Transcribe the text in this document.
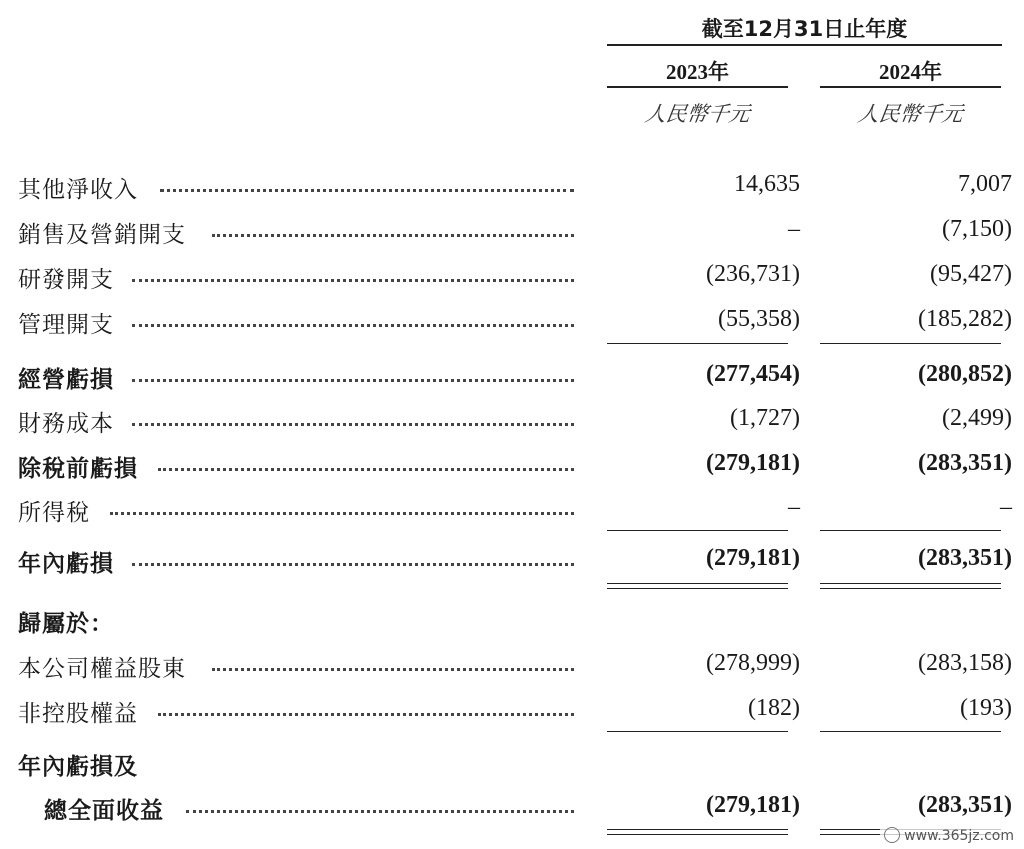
截至12月31日止年度
2023年	2024年
人民幣千元	人民幣千元
其他淨收入	14,635	7,007
銷售及營銷開支	–	(7,150)
研發開支	(236,731)	(95,427)
管理開支	(55,358)	(185,282)
經營虧損	(277,454)	(280,852)
財務成本	(1,727)	(2,499)
除稅前虧損	(279,181)	(283,351)
所得稅	–	–
年內虧損	(279,181)	(283,351)
歸屬於：
本公司權益股東	(278,999)	(283,158)
非控股權益	(182)	(193)
年內虧損及
總全面收益	(279,181)	(283,351)
www.365jz.com
